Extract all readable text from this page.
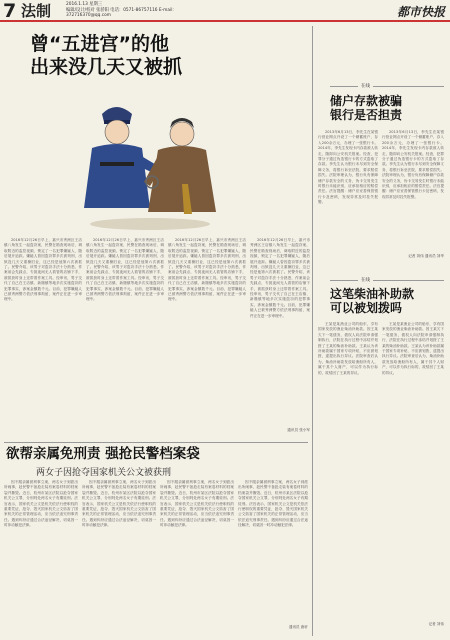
7 法制	2016.1.13 星期三
编辑/设计/校对 张骄阳 电话：0571-86757116 E-mail：372716370@qq.com	都市快报
曾“五进宫”的他
出来没几天又被抓

2016年12月26日早上，嘉兴市秀洲区王店镇八角发生一起盗窃案，民警在勘查现场后，调取附近的监控视频，锁定了一名犯罪嫌疑人，随后展开追踪。嫌疑人曾因盗窃罪多次被判刑，出狱没几天又重操旧业，这已经是他第六次被抓了。民警介绍，该男子对盗窃手法十分熟悉，作案前会先踩点，专挑夜间无人看管的店铺下手，被抓获时身上还带着作案工具。经审讯，男子交代了自己在王店镇、新塍镇等地多次实施盗窃的犯罪事实，涉案金额数千元。目前，犯罪嫌疑人已被秀洲警方依法刑事拘留，案件正在进一步审理中。

2016年12月26日早上，嘉兴市秀洲区王店镇八角发生一起盗窃案，民警在勘查现场后，调取附近的监控视频，锁定了一名犯罪嫌疑人，随后展开追踪。嫌疑人曾因盗窃罪多次被判刑，出狱没几天又重操旧业，这已经是他第六次被抓了。民警介绍，该男子对盗窃手法十分熟悉，作案前会先踩点，专挑夜间无人看管的店铺下手，被抓获时身上还带着作案工具。经审讯，男子交代了自己在王店镇、新塍镇等地多次实施盗窃的犯罪事实，涉案金额数千元。目前，犯罪嫌疑人已被秀洲警方依法刑事拘留，案件正在进一步审理中。

2016年12月26日早上，嘉兴市秀洲区王店镇八角发生一起盗窃案，民警在勘查现场后，调取附近的监控视频，锁定了一名犯罪嫌疑人，随后展开追踪。嫌疑人曾因盗窃罪多次被判刑，出狱没几天又重操旧业，这已经是他第六次被抓了。民警介绍，该男子对盗窃手法十分熟悉，作案前会先踩点，专挑夜间无人看管的店铺下手，被抓获时身上还带着作案工具。经审讯，男子交代了自己在王店镇、新塍镇等地多次实施盗窃的犯罪事实，涉案金额数千元。目前，犯罪嫌疑人已被秀洲警方依法刑事拘留，案件正在进一步审理中。

2016年12月26日早上，嘉兴市秀洲区王店镇八角发生一起盗窃案，民警在勘查现场后，调取附近的监控视频，锁定了一名犯罪嫌疑人，随后展开追踪。嫌疑人曾因盗窃罪多次被判刑，出狱没几天又重操旧业，这已经是他第六次被抓了。民警介绍，该男子对盗窃手法十分熟悉，作案前会先踩点，专挑夜间无人看管的店铺下手，被抓获时身上还带着作案工具。经审讯，男子交代了自己在王店镇、新塍镇等地多次实施盗窃的犯罪事实，涉案金额数千元。目前，犯罪嫌疑人已被秀洲警方依法刑事拘留，案件正在进一步审理中。

通讯员 张小军
在线
储户存款被骗
银行是否担责

2013年6月13日，李先生在某银行营业网点开设了一个储蓄账户，存入200余万元，办理了一张银行卡。2014年，李先生发现卡内存款被人转走，随即向公安机关报案。经查，犯罪分子通过伪造银行卡的方式盗取了存款。李先生认为银行未尽到安全保障义务，将银行诉至法院，要求赔偿损失。法院审理认为，银行负有保障储户存款安全的义务，伪卡交易发生时银行未能识别，应承担相应的赔偿责任。法官提醒：储户应妥善保管银行卡及密码，发现异常及时挂失报警。

2013年6月13日，李先生在某银行营业网点开设了一个储蓄账户，存入200余万元，办理了一张银行卡。2014年，李先生发现卡内存款被人转走，随即向公安机关报案。经查，犯罪分子通过伪造银行卡的方式盗取了存款。李先生认为银行未尽到安全保障义务，将银行诉至法院，要求赔偿损失。法院审理认为，银行负有保障储户存款安全的义务，伪卡交易发生时银行未能识别，应承担相应的赔偿责任。法官提醒：储户应妥善保管银行卡及密码，发现异常及时挂失报警。

记者 刘伟 通讯员 刘华
在线
这笔柴油补助款
可以被划拨吗

王某是某渔业公司的船东，享有国家发放的渔业柴油补助款。因王某欠下一笔债务，债权人向法院申请强制执行，法院在执行过程中冻结并划拨了王某的柴油补助款。王某认为该补助款属于国家专项补贴，不应被划拨，遂提出执行异议。法院审查后认为，柴油补助款发放给渔船所有人，属于其个人财产，可以作为执行标的，故驳回了王某的异议。

王某是某渔业公司的船东，享有国家发放的渔业柴油补助款。因王某欠下一笔债务，债权人向法院申请强制执行，法院在执行过程中冻结并划拨了王某的柴油补助款。王某认为该补助款属于国家专项补贴，不应被划拨，遂提出执行异议。法院审查后认为，柴油补助款发放给渔船所有人，属于其个人财产，可以作为执行标的，故驳回了王某的异议。

记者 刘伟
欲帮亲属免刑责 强抢民警档案袋
两女子因抢夺国家机关公文被获刑

因不服亲属被刑事立案，两名女子到派出所闹事，趁民警不备抢走装有案卷材料的档案袋并撕毁。近日，杭州市某区法院以抢夺国家机关公文罪，分别判处两名女子有期徒刑。法官表示，国家机关公文是机关依法行使职权的重要凭证，抢夺、毁灭国家机关公文妨害了国家机关的正常管理活动，应当依法追究刑事责任。遇到纠纷应通过合法途径解决，切莫因一时冲动触犯法律。

因不服亲属被刑事立案，两名女子到派出所闹事，趁民警不备抢走装有案卷材料的档案袋并撕毁。近日，杭州市某区法院以抢夺国家机关公文罪，分别判处两名女子有期徒刑。法官表示，国家机关公文是机关依法行使职权的重要凭证，抢夺、毁灭国家机关公文妨害了国家机关的正常管理活动，应当依法追究刑事责任。遇到纠纷应通过合法途径解决，切莫因一时冲动触犯法律。

因不服亲属被刑事立案，两名女子到派出所闹事，趁民警不备抢走装有案卷材料的档案袋并撕毁。近日，杭州市某区法院以抢夺国家机关公文罪，分别判处两名女子有期徒刑。法官表示，国家机关公文是机关依法行使职权的重要凭证，抢夺、毁灭国家机关公文妨害了国家机关的正常管理活动，应当依法追究刑事责任。遇到纠纷应通过合法途径解决，切莫因一时冲动触犯法律。

因不服亲属被刑事立案，两名女子到派出所闹事，趁民警不备抢走装有案卷材料的档案袋并撕毁。近日，杭州市某区法院以抢夺国家机关公文罪，分别判处两名女子有期徒刑。法官表示，国家机关公文是机关依法行使职权的重要凭证，抢夺、毁灭国家机关公文妨害了国家机关的正常管理活动，应当依法追究刑事责任。遇到纠纷应通过合法途径解决，切莫因一时冲动触犯法律。

通讯员 唐轩
